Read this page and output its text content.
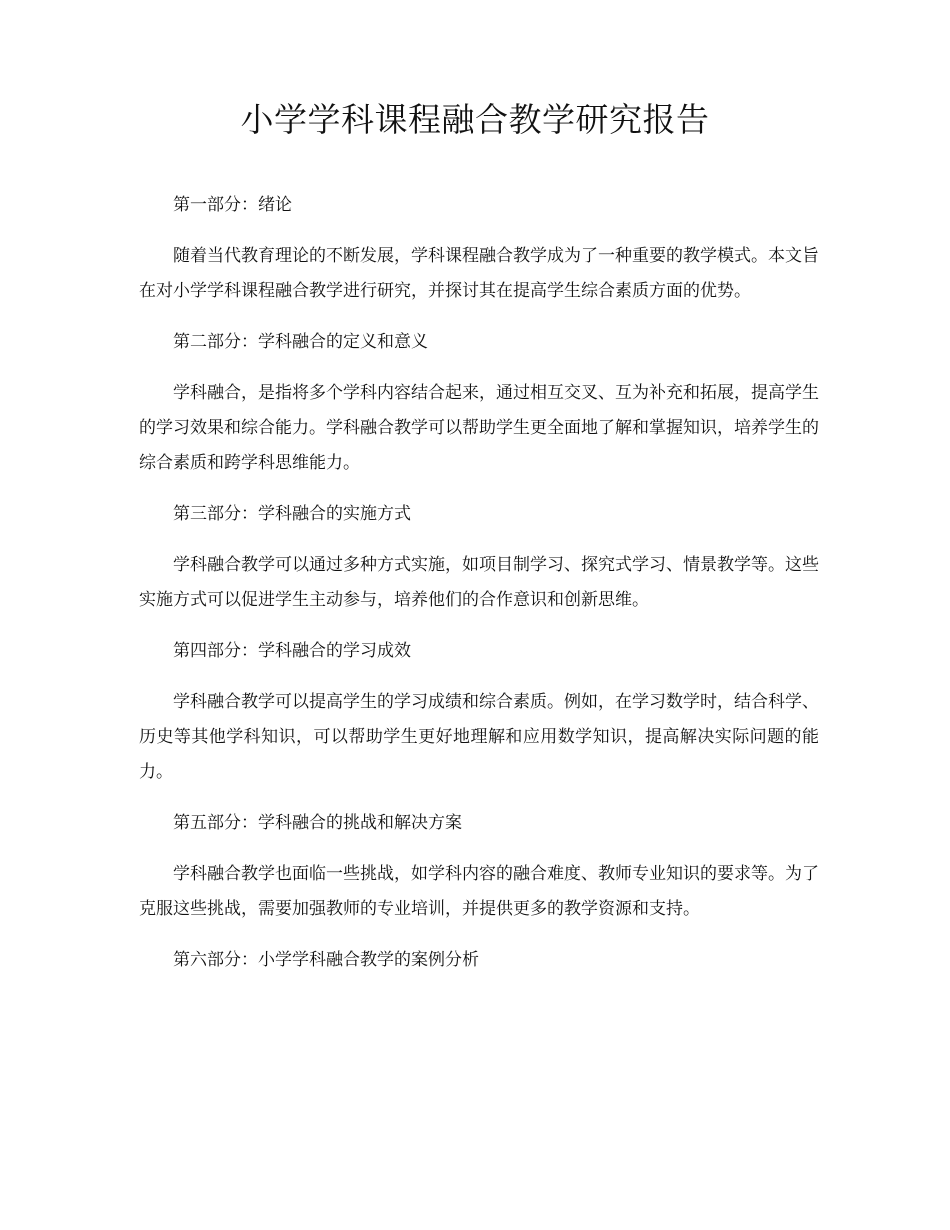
小学学科课程融合教学研究报告

第一部分：绪论

随着当代教育理论的不断发展，学科课程融合教学成为了一种重要的教学模式。本文旨在对小学学科课程融合教学进行研究，并探讨其在提高学生综合素质方面的优势。

第二部分：学科融合的定义和意义

学科融合，是指将多个学科内容结合起来，通过相互交叉、互为补充和拓展，提高学生的学习效果和综合能力。学科融合教学可以帮助学生更全面地了解和掌握知识，培养学生的综合素质和跨学科思维能力。

第三部分：学科融合的实施方式

学科融合教学可以通过多种方式实施，如项目制学习、探究式学习、情景教学等。这些实施方式可以促进学生主动参与，培养他们的合作意识和创新思维。

第四部分：学科融合的学习成效

学科融合教学可以提高学生的学习成绩和综合素质。例如，在学习数学时，结合科学、历史等其他学科知识，可以帮助学生更好地理解和应用数学知识，提高解决实际问题的能力。

第五部分：学科融合的挑战和解决方案

学科融合教学也面临一些挑战，如学科内容的融合难度、教师专业知识的要求等。为了克服这些挑战，需要加强教师的专业培训，并提供更多的教学资源和支持。

第六部分：小学学科融合教学的案例分析
